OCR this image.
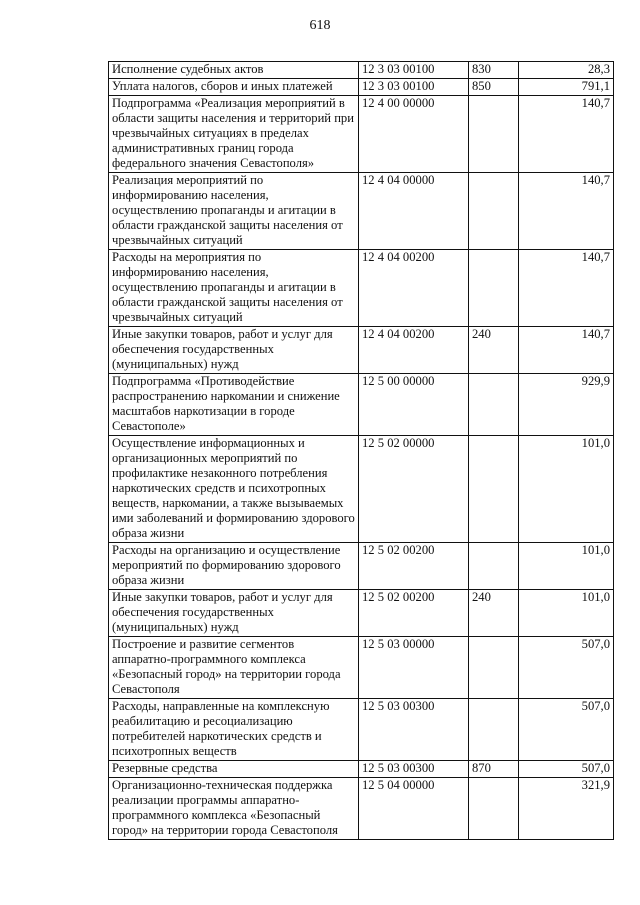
618
Исполнение судебных актов	12 3 03 00100	830	28,3
Уплата налогов, сборов и иных платежей	12 3 03 00100	850	791,1
Подпрограмма «Реализация мероприятий в области защиты населения и территорий при чрезвычайных ситуациях в пределах административных границ города федерального значения Севастополя»	12 4 00 00000		140,7
Реализация мероприятий по информированию населения, осуществлению пропаганды и агитации в области гражданской защиты населения от чрезвычайных ситуаций	12 4 04 00000		140,7
Расходы на мероприятия по информированию населения, осуществлению пропаганды и агитации в области гражданской защиты населения от чрезвычайных ситуаций	12 4 04 00200		140,7
Иные закупки товаров, работ и услуг для обеспечения государственных (муниципальных) нужд	12 4 04 00200	240	140,7
Подпрограмма «Противодействие распространению наркомании и снижение масштабов наркотизации в городе Севастополе»	12 5 00 00000		929,9
Осуществление информационных и организационных мероприятий по профилактике незаконного потребления наркотических средств и психотропных веществ, наркомании, а также вызываемых ими заболеваний и формированию здорового образа жизни	12 5 02 00000		101,0
Расходы на организацию и осуществление мероприятий по формированию здорового образа жизни	12 5 02 00200		101,0
Иные закупки товаров, работ и услуг для обеспечения государственных (муниципальных) нужд	12 5 02 00200	240	101,0
Построение и развитие сегментов аппаратно-программного комплекса «Безопасный город» на территории города Севастополя	12 5 03 00000		507,0
Расходы, направленные на комплексную реабилитацию и ресоциализацию потребителей наркотических средств и психотропных веществ	12 5 03 00300		507,0
Резервные средства	12 5 03 00300	870	507,0
Организационно-техническая поддержка реализации программы аппаратно-программного комплекса «Безопасный город» на территории города Севастополя	12 5 04 00000		321,9
